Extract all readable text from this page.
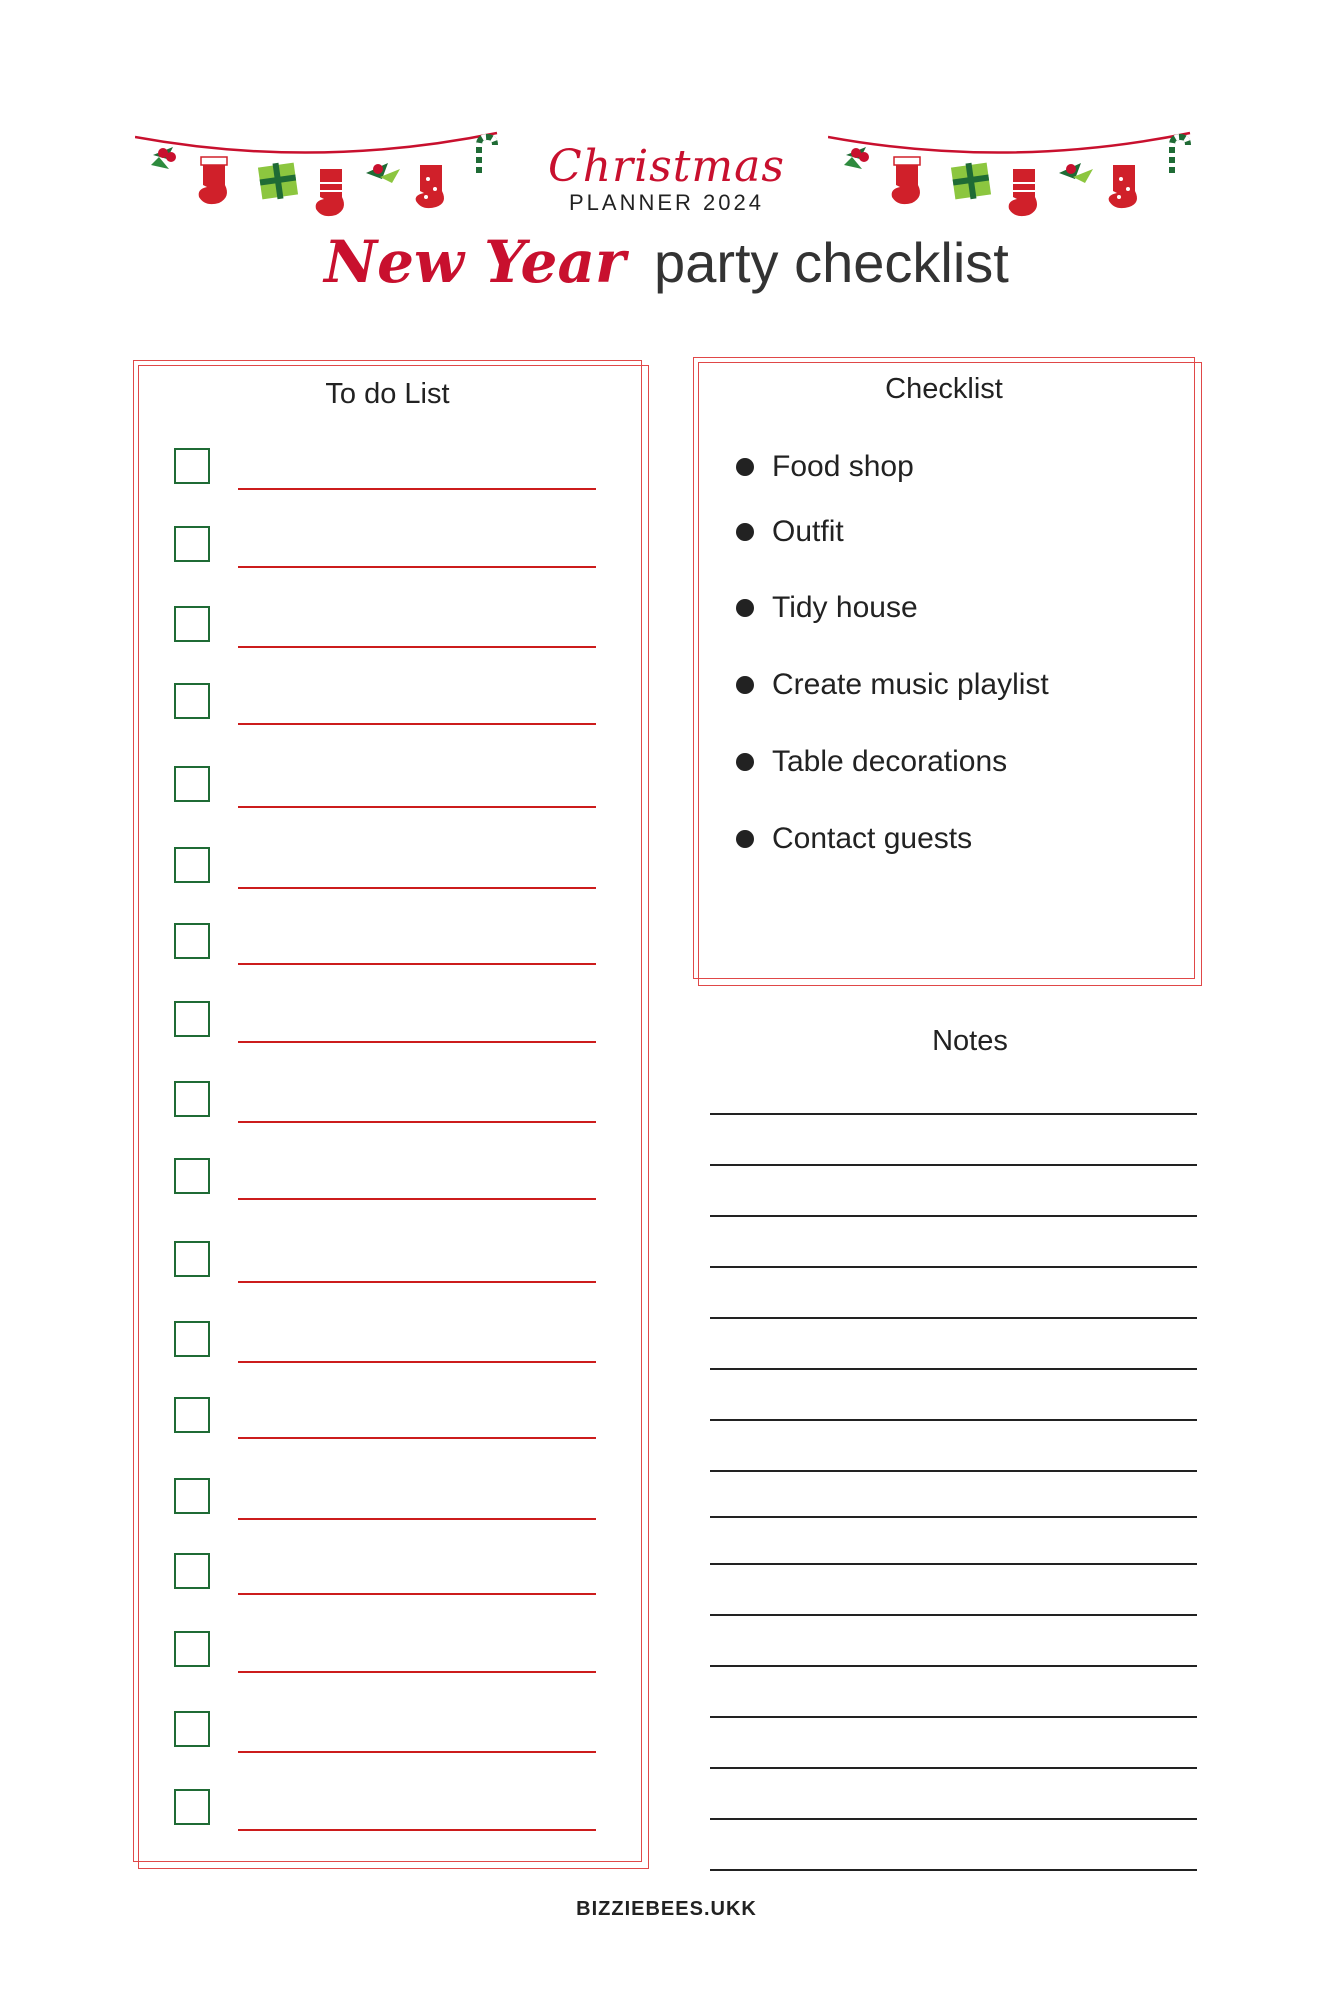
Christmas
PLANNER 2024
New Year party checklist
To do List	Checklist
Food shop
Outfit
Tidy house
Create music playlist
Table decorations
Contact guests
Notes
BIZZIEBEES.UKK
